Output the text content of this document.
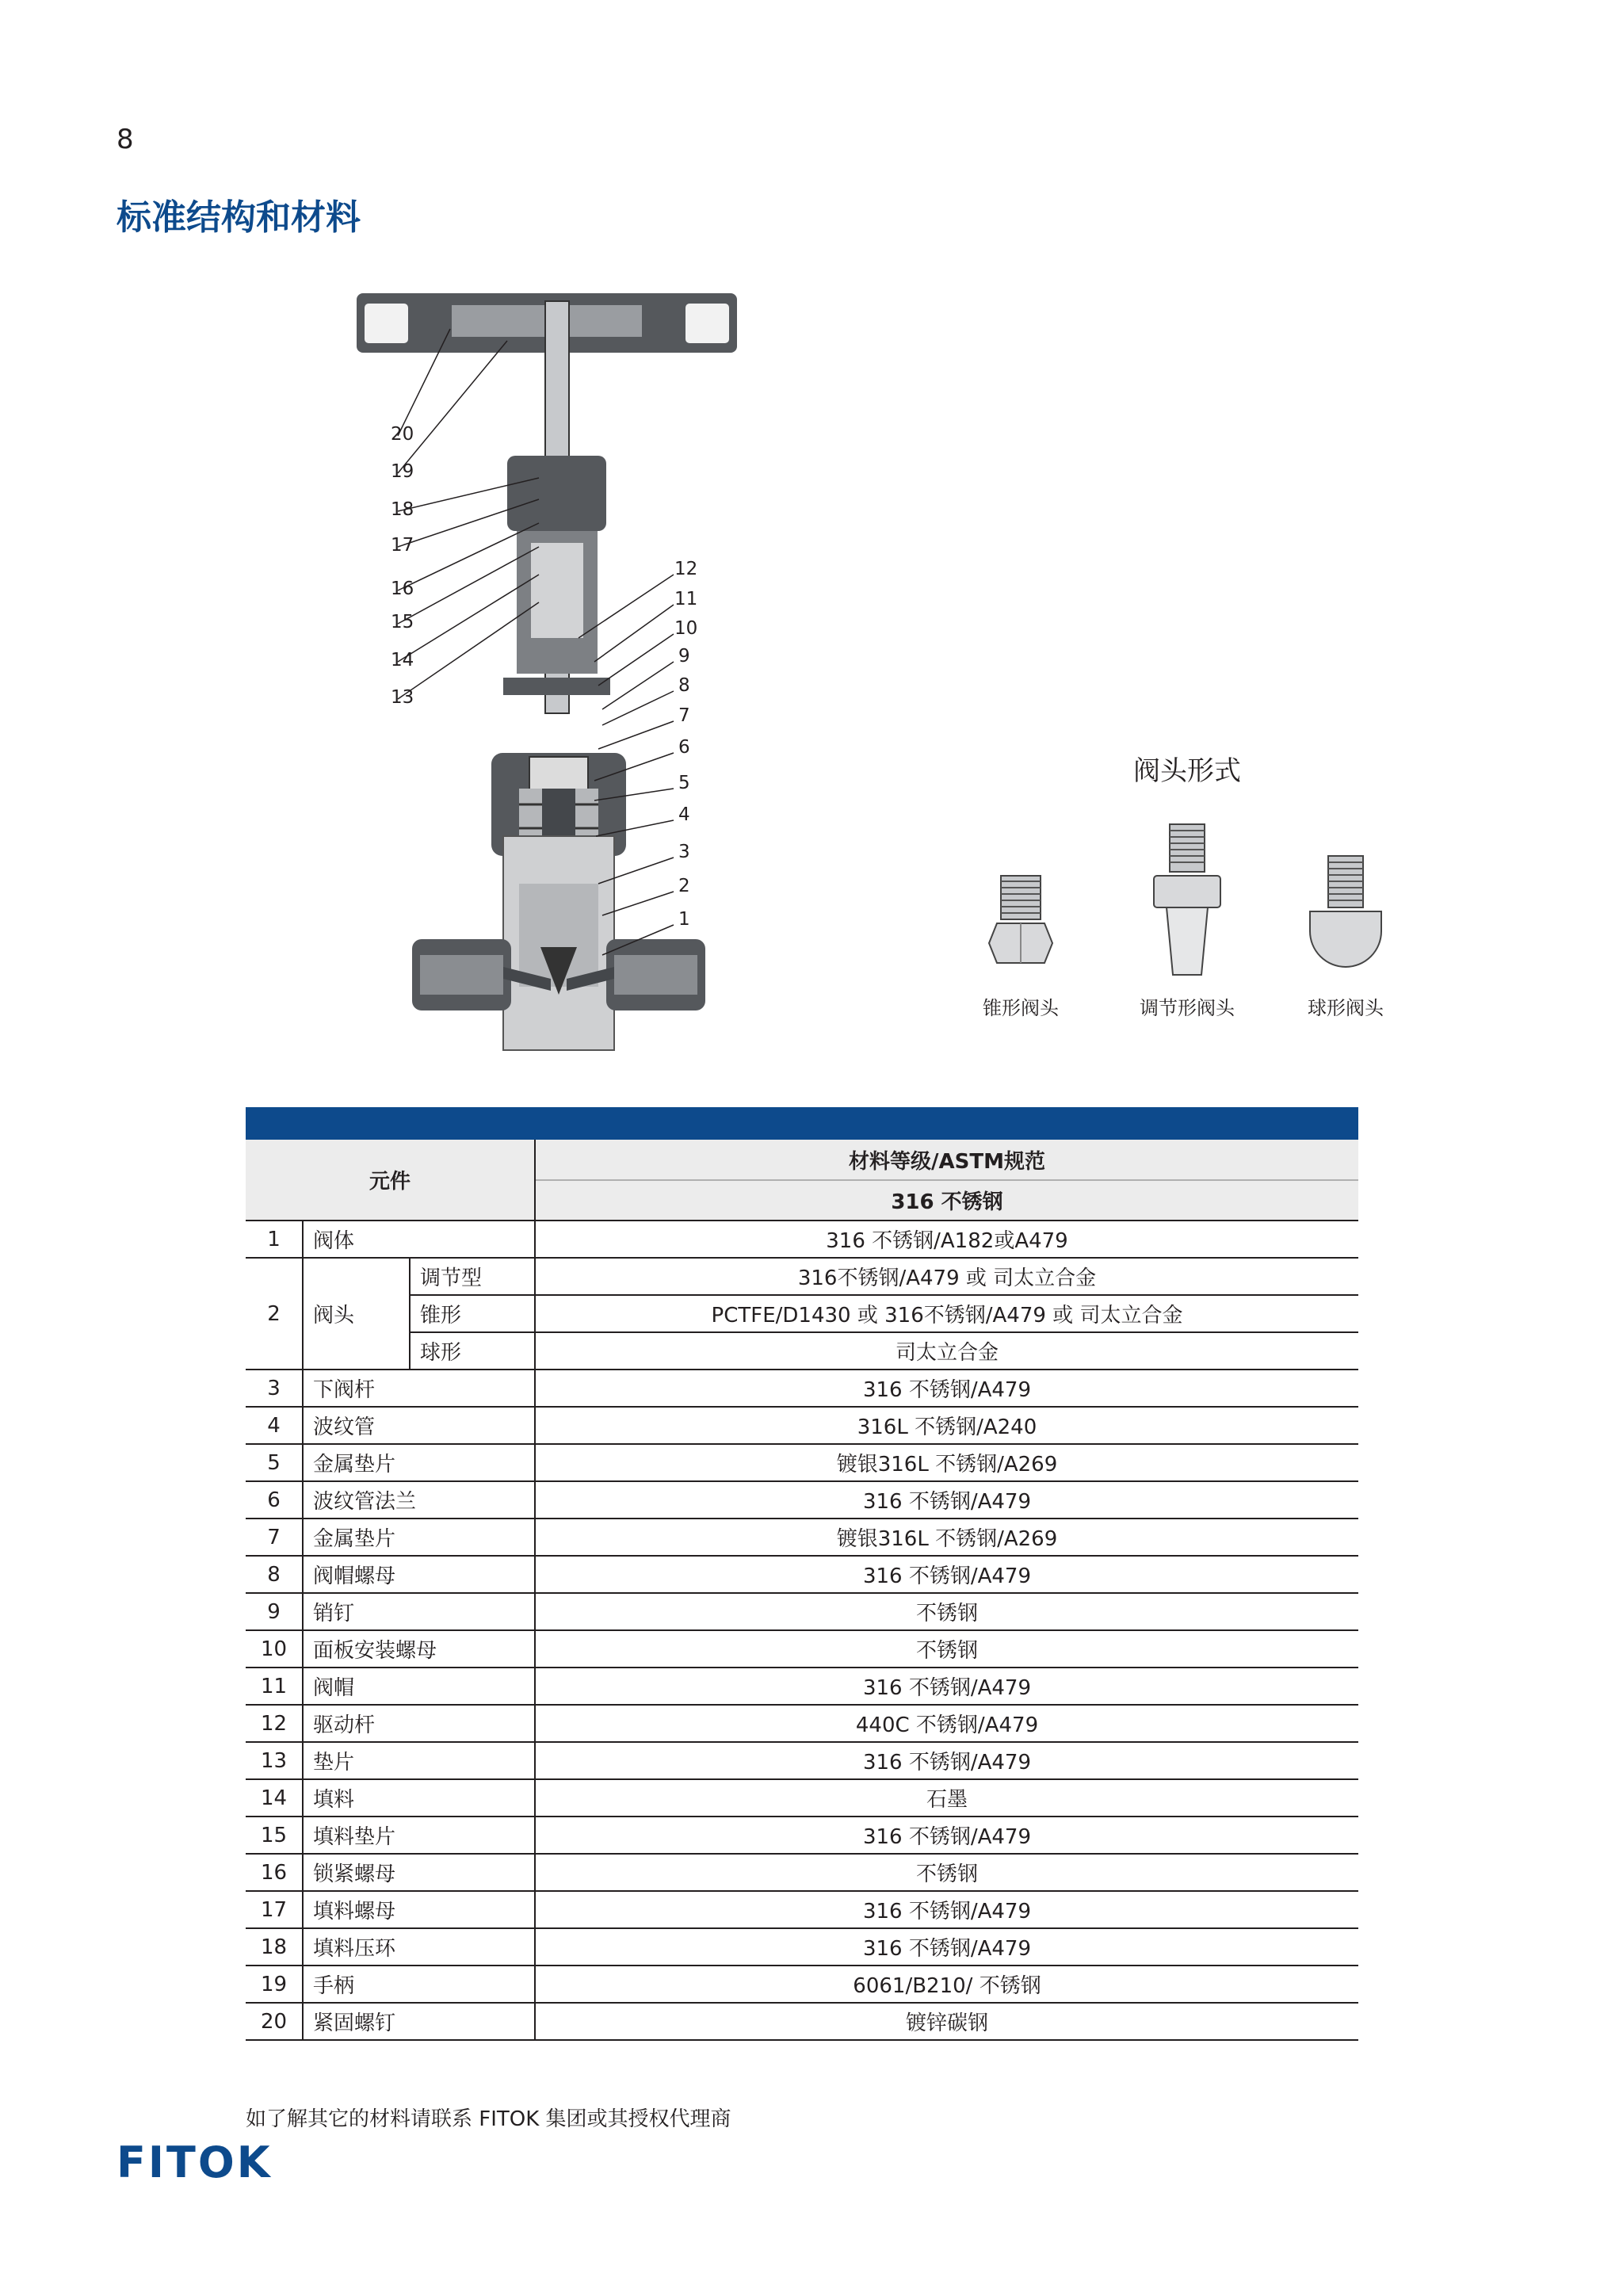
8
标准结构和材料
20
19
18
17
16
15
14
13
12
11
10
9
8
7
6
5
4
3
2
1
阀头形式
锥形阀头	调节形阀头	球形阀头

元件			材料等级/ASTM规范
			316 不锈钢
1	阀体		316 不锈钢/A182或A479
2	阀头	调节型	316不锈钢/A479 或 司太立合金
		锥形	PCTFE/D1430 或 316不锈钢/A479 或 司太立合金
		球形	司太立合金
3	下阀杆		316 不锈钢/A479
4	波纹管		316L 不锈钢/A240
5	金属垫片		镀银316L 不锈钢/A269
6	波纹管法兰		316 不锈钢/A479
7	金属垫片		镀银316L 不锈钢/A269
8	阀帽螺母		316 不锈钢/A479
9	销钉		不锈钢
10	面板安装螺母		不锈钢
11	阀帽		316 不锈钢/A479
12	驱动杆		440C 不锈钢/A479
13	垫片		316 不锈钢/A479
14	填料		石墨
15	填料垫片		316 不锈钢/A479
16	锁紧螺母		不锈钢
17	填料螺母		316 不锈钢/A479
18	填料压环		316 不锈钢/A479
19	手柄		6061/B210/ 不锈钢
20	紧固螺钉		镀锌碳钢
如了解其它的材料请联系 FITOK 集团或其授权代理商
FITOK
